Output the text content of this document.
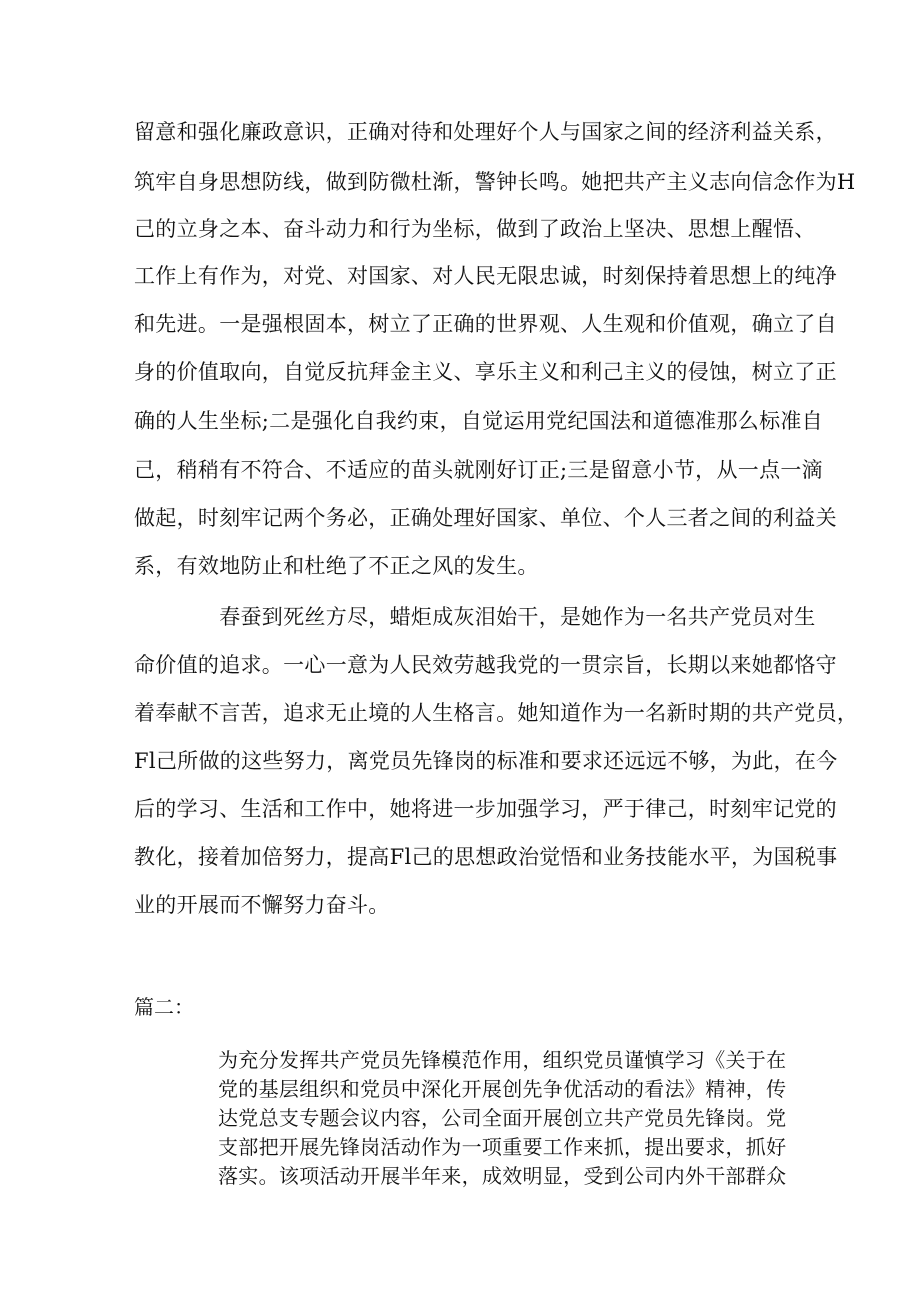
留意和强化廉政意识，正确对待和处理好个人与国家之间的经济利益关系，
筑牢自身思想防线，做到防微杜渐，警钟长鸣。她把共产主义志向信念作为H
己的立身之本、奋斗动力和行为坐标，做到了政治上坚决、思想上醒悟、
工作上有作为，对党、对国家、对人民无限忠诚，时刻保持着思想上的纯净
和先进。一是强根固本，树立了正确的世界观、人生观和价值观，确立了自
身的价值取向，自觉反抗拜金主义、享乐主义和利己主义的侵蚀，树立了正
确的人生坐标;二是强化自我约束，自觉运用党纪国法和道德准那么标准自
己，稍稍有不符合、不适应的苗头就刚好订正;三是留意小节，从一点一滴
做起，时刻牢记两个务必，正确处理好国家、单位、个人三者之间的利益关
系，有效地防止和杜绝了不正之风的发生。
　　　　春蚕到死丝方尽，蜡炬成灰泪始干，是她作为一名共产党员对生
命价值的追求。一心一意为人民效劳越我党的一贯宗旨，长期以来她都恪守
着奉献不言苦，追求无止境的人生格言。她知道作为一名新时期的共产党员，
Fl己所做的这些努力，离党员先锋岗的标准和要求还远远不够，为此，在今
后的学习、生活和工作中，她将进一步加强学习，严于律己，时刻牢记党的
教化，接着加倍努力，提高Fl己的思想政治觉悟和业务技能水平，为国税事
业的开展而不懈努力奋斗。
篇二：
为充分发挥共产党员先锋模范作用，组织党员谨慎学习《关于在
党的基层组织和党员中深化开展创先争优活动的看法》精神，传
达党总支专题会议内容，公司全面开展创立共产党员先锋岗。党
支部把开展先锋岗活动作为一项重要工作来抓，提出要求，抓好
落实。该项活动开展半年来，成效明显，受到公司内外干部群众
